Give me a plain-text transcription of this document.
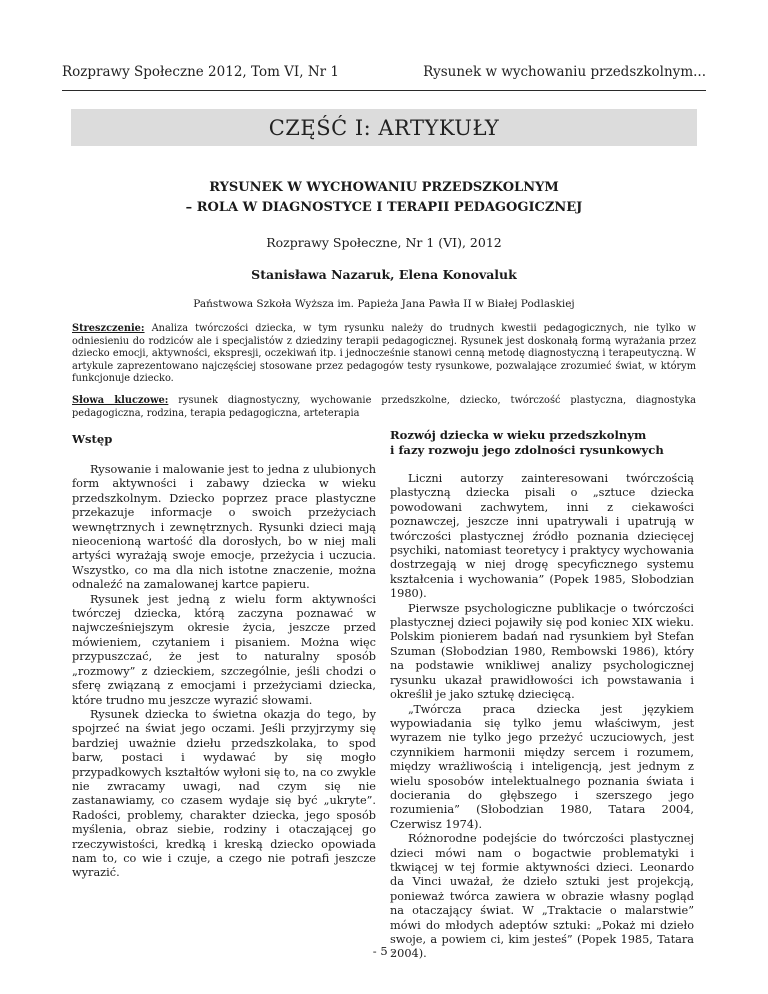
Rozprawy Społeczne 2012, Tom VI, Nr 1	Rysunek w wychowaniu przedszkolnym...
CZĘŚĆ I: ARTYKUŁY
RYSUNEK W WYCHOWANIU PRZEDSZKOLNYM
– ROLA W DIAGNOSTYCE I TERAPII PEDAGOGICZNEJ
Rozprawy Społeczne, Nr 1 (VI), 2012
Stanisława Nazaruk, Elena Konovaluk
Państwowa Szkoła Wyższa im. Papieża Jana Pawła II w Białej Podlaskiej
Streszczenie: Analiza twórczości dziecka, w tym rysunku należy do trudnych kwestii pedagogicznych, nie tylko w odniesieniu do rodziców ale i specjalistów z dziedziny terapii pedagogicznej. Rysunek jest doskonałą formą wyrażania przez dziecko emocji, aktywności, ekspresji, oczekiwań itp. i jednocześnie stanowi cenną metodę diagnostyczną i terapeutyczną. W artykule zaprezentowano najczęściej stosowane przez pedagogów testy rysunkowe, pozwalające zrozumieć świat, w którym funkcjonuje dziecko.
Słowa kluczowe: rysunek diagnostyczny, wychowanie przedszkolne, dziecko, twórczość plastyczna, diagnostyka pedagogiczna, rodzina, terapia pedagogiczna, arteterapia
Wstęp

Rysowanie i malowanie jest to jedna z ulubionych form aktywności i zabawy dziecka w wieku przedszkolnym. Dziecko poprzez prace plastyczne przekazuje informacje o swoich przeżyciach wewnętrznych i zewnętrznych. Rysunki dzieci mają nieocenioną wartość dla dorosłych, bo w niej mali artyści wyrażają swoje emocje, przeżycia i uczucia. Wszystko, co ma dla nich istotne znaczenie, można odnaleźć na zamalowanej kartce papieru.

Rysunek jest jedną z wielu form aktywności twórczej dziecka, którą zaczyna poznawać w najwcześniejszym okresie życia, jeszcze przed mówieniem, czytaniem i pisaniem. Można więc przypuszczać, że jest to naturalny sposób „rozmowy” z dzieckiem, szczególnie, jeśli chodzi o sferę związaną z emocjami i przeżyciami dziecka, które trudno mu jeszcze wyrazić słowami.

Rysunek dziecka to świetna okazja do tego, by spojrzeć na świat jego oczami. Jeśli przyjrzymy się bardziej uważnie dziełu przedszkolaka, to spod barw, postaci i wydawać by się mogło przypadkowych kształtów wyłoni się to, na co zwykle nie zwracamy uwagi, nad czym się nie zastanawiamy, co czasem wydaje się być „ukryte”. Radości, problemy, charakter dziecka, jego sposób myślenia, obraz siebie, rodziny i otaczającej go rzeczywistości, kredką i kreską dziecko opowiada nam to, co wie i czuje, a czego nie potrafi jeszcze wyrazić.

Rozwój dziecka w wieku przedszkolnym
i fazy rozwoju jego zdolności rysunkowych

Liczni autorzy zainteresowani twórczością plastyczną dziecka pisali o „sztuce dziecka powodowani zachwytem, inni z ciekawości poznawczej, jeszcze inni upatrywali i upatrują w twórczości plastycznej źródło poznania dziecięcej psychiki, natomiast teoretycy i praktycy wychowania dostrzegają w niej drogę specyficznego systemu kształcenia i wychowania” (Popek 1985, Słobodzian 1980).

Pierwsze psychologiczne publikacje o twórczości plastycznej dzieci pojawiły się pod koniec XIX wieku. Polskim pionierem badań nad rysunkiem był Stefan Szuman (Słobodzian 1980, Rembowski 1986), który na podstawie wnikliwej analizy psychologicznej rysunku ukazał prawidłowości ich powstawania i określił je jako sztukę dziecięcą.

„Twórcza praca dziecka jest językiem wypowiadania się tylko jemu właściwym, jest wyrazem nie tylko jego przeżyć uczuciowych, jest czynnikiem harmonii między sercem i rozumem, między wrażliwością i inteligencją, jest jednym z wielu sposobów intelektualnego poznania świata i docierania do głębszego i szerszego jego rozumienia” (Słobodzian 1980, Tatara 2004, Czerwisz 1974).

Różnorodne podejście do twórczości plastycznej dzieci mówi nam o bogactwie problematyki i tkwiącej w tej formie aktywności dzieci. Leonardo da Vinci uważał, że dzieło sztuki jest projekcją, ponieważ twórca zawiera w obrazie własny pogląd na otaczający świat. W „Traktacie o malarstwie” mówi do młodych adeptów sztuki: „Pokaż mi dzieło swoje, a powiem ci, kim jesteś” (Popek 1985, Tatara 2004).

- 5 -
